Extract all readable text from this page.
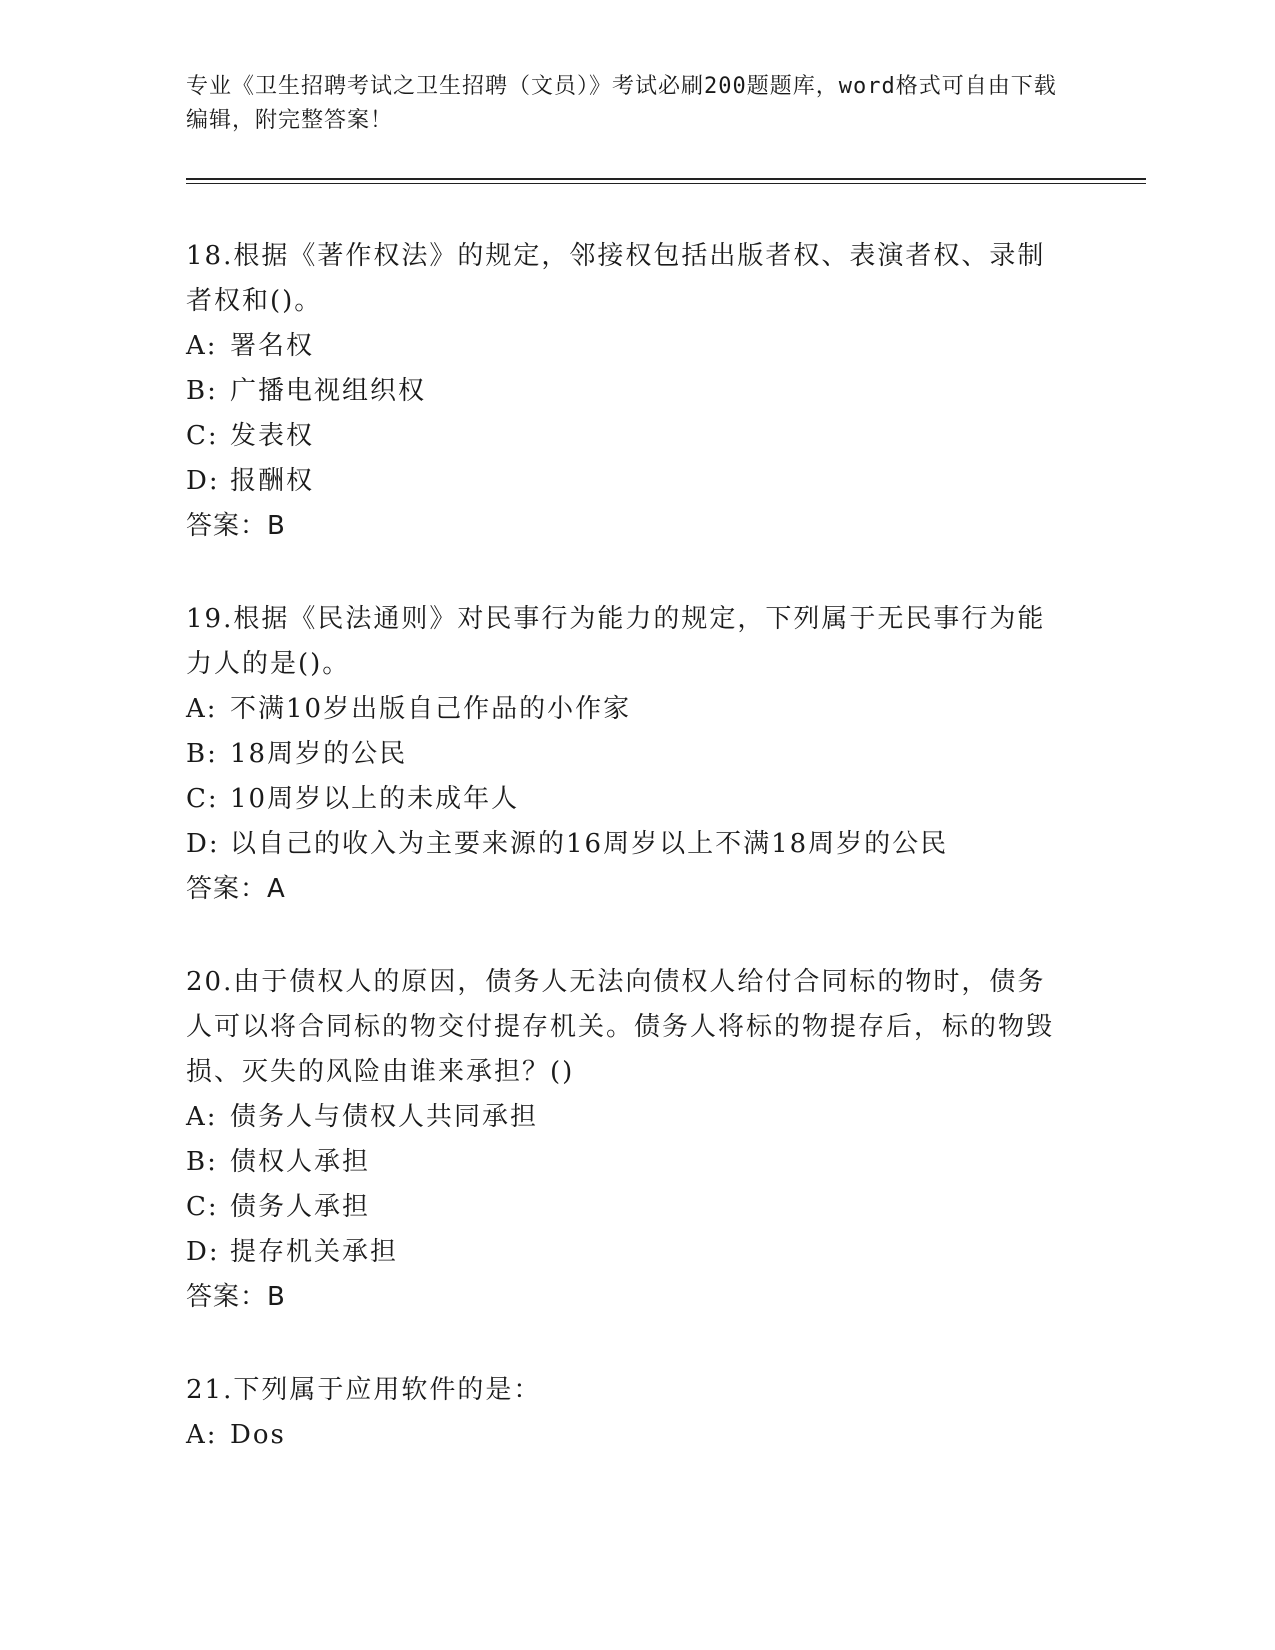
专业《卫生招聘考试之卫生招聘（文员）》考试必刷200题题库，word格式可自由下载编辑，附完整答案！
18.根据《著作权法》的规定，邻接权包括出版者权、表演者权、录制者权和()。
A: 署名权
B: 广播电视组织权
C: 发表权
D: 报酬权
答案：B
19.根据《民法通则》对民事行为能力的规定，下列属于无民事行为能力人的是()。
A: 不满10岁出版自己作品的小作家
B: 18周岁的公民
C: 10周岁以上的未成年人
D: 以自己的收入为主要来源的16周岁以上不满18周岁的公民
答案：A
20.由于债权人的原因，债务人无法向债权人给付合同标的物时，债务人可以将合同标的物交付提存机关。债务人将标的物提存后，标的物毁损、灭失的风险由谁来承担？()
A: 债务人与债权人共同承担
B: 债权人承担
C: 债务人承担
D: 提存机关承担
答案：B
21.下列属于应用软件的是：
A: Dos
